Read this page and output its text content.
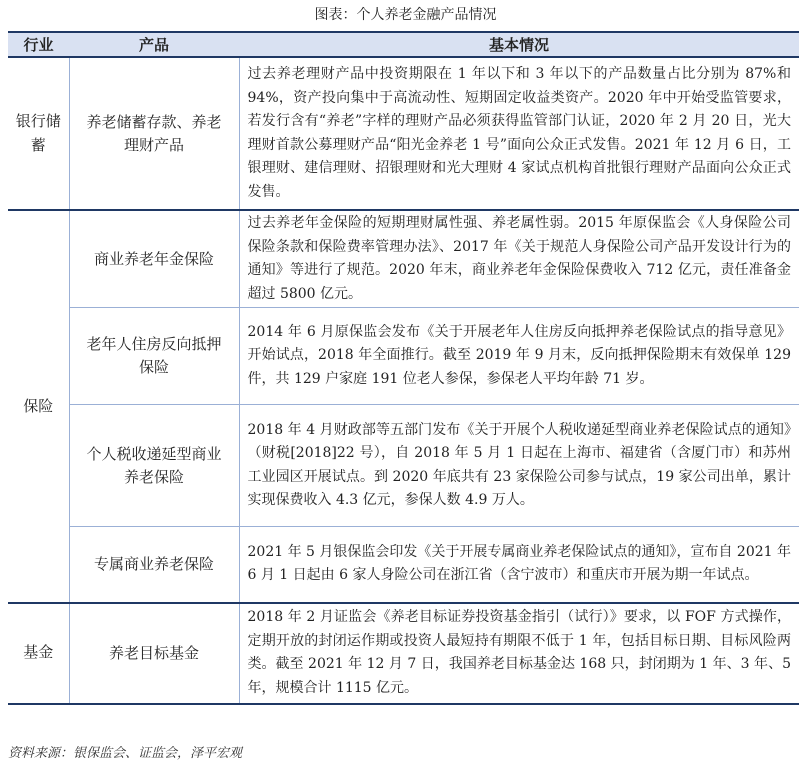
图表：个人养老金融产品情况
行业	产品	基本情况
银行储蓄	养老储蓄存款、养老理财产品	过去养老理财产品中投资期限在 1 年以下和 3 年以下的产品数量占比分别为 87%和 94%，资产投向集中于高流动性、短期固定收益类资产。2020 年中开始受监管要求，若发行含有“养老”字样的理财产品必须获得监管部门认证，2020 年 2 月 20 日，光大理财首款公募理财产品“阳光金养老 1 号”面向公众正式发售。2021 年 12 月 6 日，工银理财、建信理财、招银理财和光大理财 4 家试点机构首批银行理财产品面向公众正式发售。
保险	商业养老年金保险	过去养老年金保险的短期理财属性强、养老属性弱。2015 年原保监会《人身保险公司保险条款和保险费率管理办法》、2017 年《关于规范人身保险公司产品开发设计行为的通知》等进行了规范。2020 年末，商业养老年金保险保费收入 712 亿元，责任准备金超过 5800 亿元。
	老年人住房反向抵押保险	2014 年 6 月原保监会发布《关于开展老年人住房反向抵押养老保险试点的指导意见》开始试点，2018 年全面推行。截至 2019 年 9 月末，反向抵押保险期末有效保单 129 件，共 129 户家庭 191 位老人参保，参保老人平均年龄 71 岁。
	个人税收递延型商业养老保险	2018 年 4 月财政部等五部门发布《关于开展个人税收递延型商业养老保险试点的通知》（财税[2018]22 号），自 2018 年 5 月 1 日起在上海市、福建省（含厦门市）和苏州工业园区开展试点。到 2020 年底共有 23 家保险公司参与试点，19 家公司出单，累计实现保费收入 4.3 亿元，参保人数 4.9 万人。
	专属商业养老保险	2021 年 5 月银保监会印发《关于开展专属商业养老保险试点的通知》，宣布自 2021 年 6 月 1 日起由 6 家人身险公司在浙江省（含宁波市）和重庆市开展为期一年试点。
基金	养老目标基金	2018 年 2 月证监会《养老目标证券投资基金指引（试行）》要求，以 FOF 方式操作，定期开放的封闭运作期或投资人最短持有期限不低于 1 年，包括目标日期、目标风险两类。截至 2021 年 12 月 7 日，我国养老目标基金达 168 只，封闭期为 1 年、3 年、5 年，规模合计 1115 亿元。
资料来源：银保监会、证监会，泽平宏观
